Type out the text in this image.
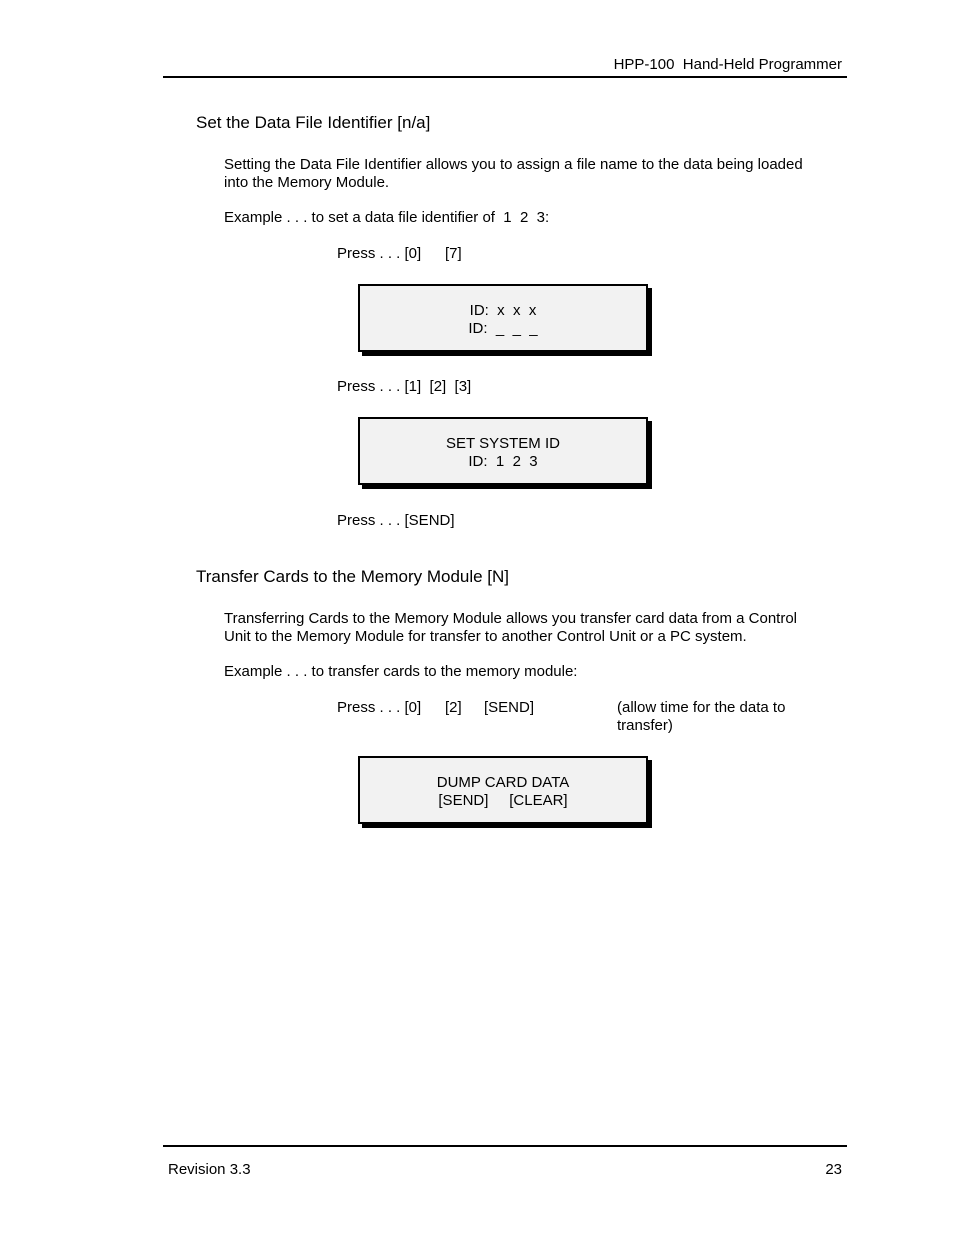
HPP-100  Hand-Held Programmer
Set the Data File Identifier [n/a]
Setting the Data File Identifier allows you to assign a file name to the data being loaded
into the Memory Module.
Example . . . to set a data file identifier of  1  2  3:
Press . . . [0] [7]
ID:  x  x  x
ID:  _  _  _
Press . . . [1]  [2]  [3]
SET SYSTEM ID
ID:  1  2  3
Press . . . [SEND]
Transfer Cards to the Memory Module [N]
Transferring Cards to the Memory Module allows you transfer card data from a Control
Unit to the Memory Module for transfer to another Control Unit or a PC system.
Example . . . to transfer cards to the memory module:
Press . . . [0] [2] [SEND]	(allow time for the data to
transfer)
DUMP CARD DATA
[SEND]     [CLEAR]
Revision 3.3	23
